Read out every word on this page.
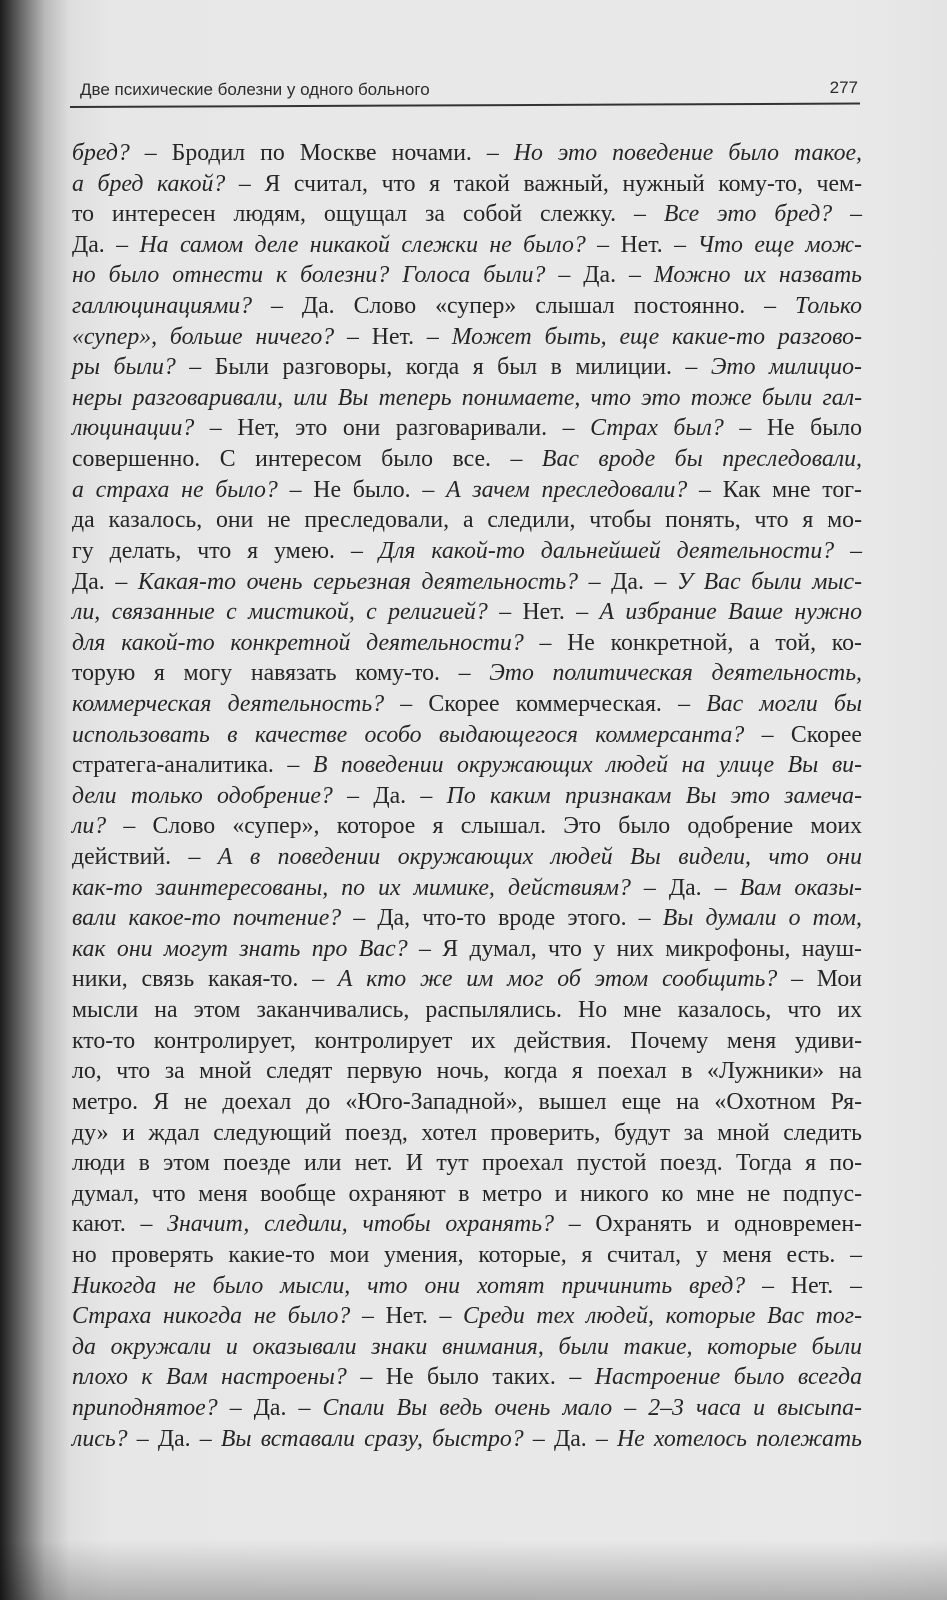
Две психические болезни у одного больного	277
бред? – Бродил по Москве ночами. – Но это поведение было такое,
а бред какой? – Я считал, что я такой важный, нужный кому-то, чем-
то интересен людям, ощущал за собой слежку. – Все это бред? –
Да. – На самом деле никакой слежки не было? – Нет. – Что еще мож-
но было отнести к болезни? Голоса были? – Да. – Можно их назвать
галлюцинациями? – Да. Слово «супер» слышал постоянно. – Только
«супер», больше ничего? – Нет. – Может быть, еще какие-то разгово-
ры были? – Были разговоры, когда я был в милиции. – Это милицио-
неры разговаривали, или Вы теперь понимаете, что это тоже были гал-
люцинации? – Нет, это они разговаривали. – Страх был? – Не было
совершенно. С интересом было все. – Вас вроде бы преследовали,
а страха не было? – Не было. – А зачем преследовали? – Как мне тог-
да казалось, они не преследовали, а следили, чтобы понять, что я мо-
гу делать, что я умею. – Для какой-то дальнейшей деятельности? –
Да. – Какая-то очень серьезная деятельность? – Да. – У Вас были мыс-
ли, связанные с мистикой, с религией? – Нет. – А избрание Ваше нужно
для какой-то конкретной деятельности? – Не конкретной, а той, ко-
торую я могу навязать кому-то. – Это политическая деятельность,
коммерческая деятельность? – Скорее коммерческая. – Вас могли бы
использовать в качестве особо выдающегося коммерсанта? – Скорее
стратега-аналитика. – В поведении окружающих людей на улице Вы ви-
дели только одобрение? – Да. – По каким признакам Вы это замеча-
ли? – Слово «супер», которое я слышал. Это было одобрение моих
действий. – А в поведении окружающих людей Вы видели, что они
как-то заинтересованы, по их мимике, действиям? – Да. – Вам оказы-
вали какое-то почтение? – Да, что-то вроде этого. – Вы думали о том,
как они могут знать про Вас? – Я думал, что у них микрофоны, науш-
ники, связь какая-то. – А кто же им мог об этом сообщить? – Мои
мысли на этом заканчивались, распылялись. Но мне казалось, что их
кто-то контролирует, контролирует их действия. Почему меня удиви-
ло, что за мной следят первую ночь, когда я поехал в «Лужники» на
метро. Я не доехал до «Юго-Западной», вышел еще на «Охотном Ря-
ду» и ждал следующий поезд, хотел проверить, будут за мной следить
люди в этом поезде или нет. И тут проехал пустой поезд. Тогда я по-
думал, что меня вообще охраняют в метро и никого ко мне не подпус-
кают. – Значит, следили, чтобы охранять? – Охранять и одновремен-
но проверять какие-то мои умения, которые, я считал, у меня есть. –
Никогда не было мысли, что они хотят причинить вред? – Нет. –
Страха никогда не было? – Нет. – Среди тех людей, которые Вас тог-
да окружали и оказывали знаки внимания, были такие, которые были
плохо к Вам настроены? – Не было таких. – Настроение было всегда
приподнятое? – Да. – Спали Вы ведь очень мало – 2–3 часа и высыпа-
лись? – Да. – Вы вставали сразу, быстро? – Да. – Не хотелось полежать
